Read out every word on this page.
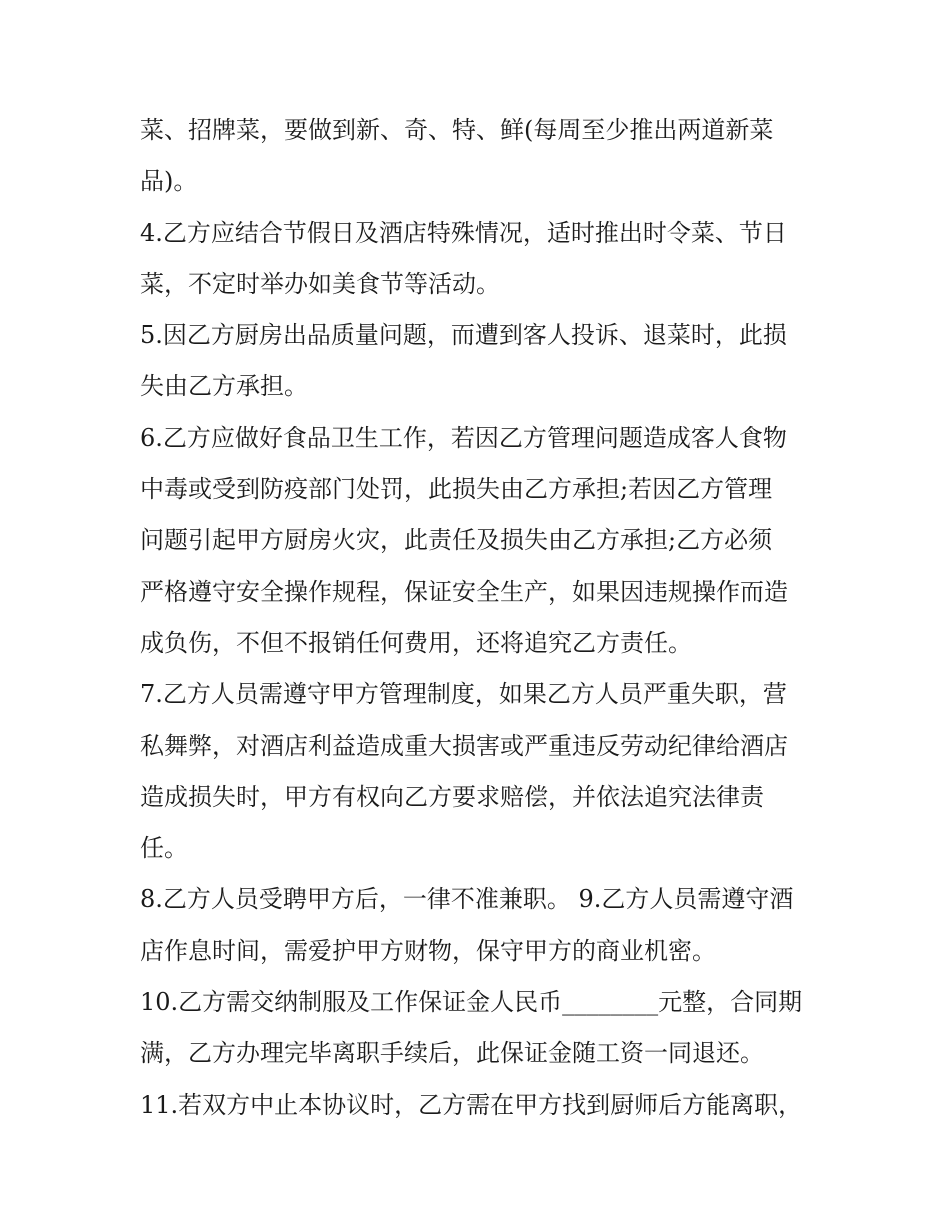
菜、招牌菜，要做到新、奇、特、鲜(每周至少推出两道新菜
品)。
4.乙方应结合节假日及酒店特殊情况，适时推出时令菜、节日
菜，不定时举办如美食节等活动。
5.因乙方厨房出品质量问题，而遭到客人投诉、退菜时，此损
失由乙方承担。
6.乙方应做好食品卫生工作，若因乙方管理问题造成客人食物
中毒或受到防疫部门处罚，此损失由乙方承担;若因乙方管理
问题引起甲方厨房火灾，此责任及损失由乙方承担;乙方必须
严格遵守安全操作规程，保证安全生产，如果因违规操作而造
成负伤，不但不报销任何费用，还将追究乙方责任。
7.乙方人员需遵守甲方管理制度，如果乙方人员严重失职，营
私舞弊，对酒店利益造成重大损害或严重违反劳动纪律给酒店
造成损失时，甲方有权向乙方要求赔偿，并依法追究法律责
任。
8.乙方人员受聘甲方后，一律不准兼职。 9.乙方人员需遵守酒
店作息时间，需爱护甲方财物，保守甲方的商业机密。
10.乙方需交纳制服及工作保证金人民币________元整，合同期
满，乙方办理完毕离职手续后，此保证金随工资一同退还。
11.若双方中止本协议时，乙方需在甲方找到厨师后方能离职，
